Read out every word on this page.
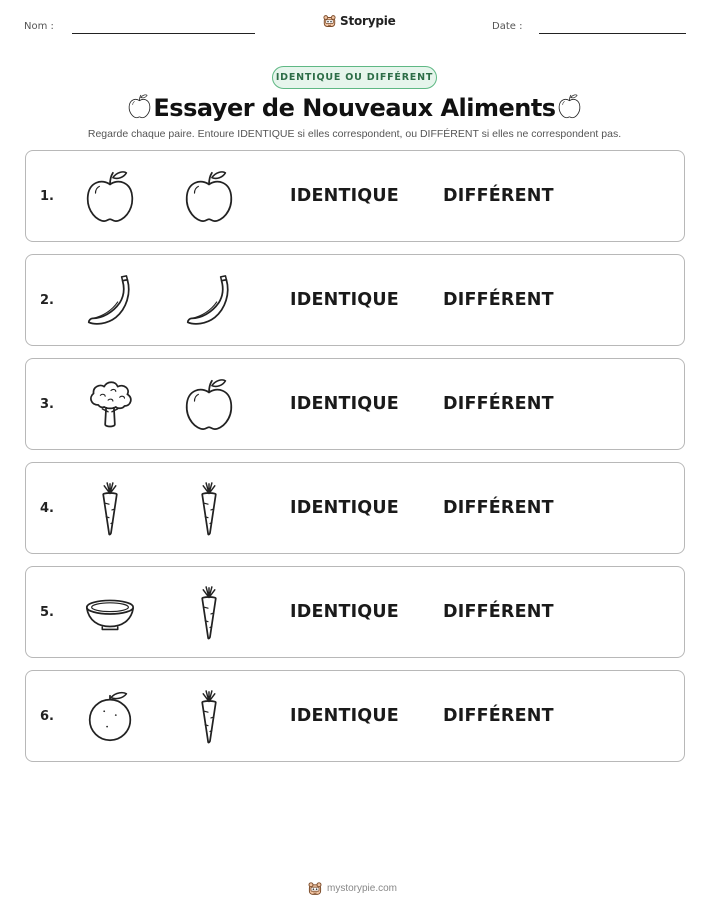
Nom :	Storypie	Date :
IDENTIQUE OU DIFFÉRENT
Essayer de Nouveaux Aliments
Regarde chaque paire. Entoure IDENTIQUE si elles correspondent, ou DIFFÉRENT si elles ne correspondent pas.
1.	IDENTIQUE	DIFFÉRENT
2.	IDENTIQUE	DIFFÉRENT
3.	IDENTIQUE	DIFFÉRENT
4.	IDENTIQUE	DIFFÉRENT
5.	IDENTIQUE	DIFFÉRENT
6.	IDENTIQUE	DIFFÉRENT
mystorypie.com
